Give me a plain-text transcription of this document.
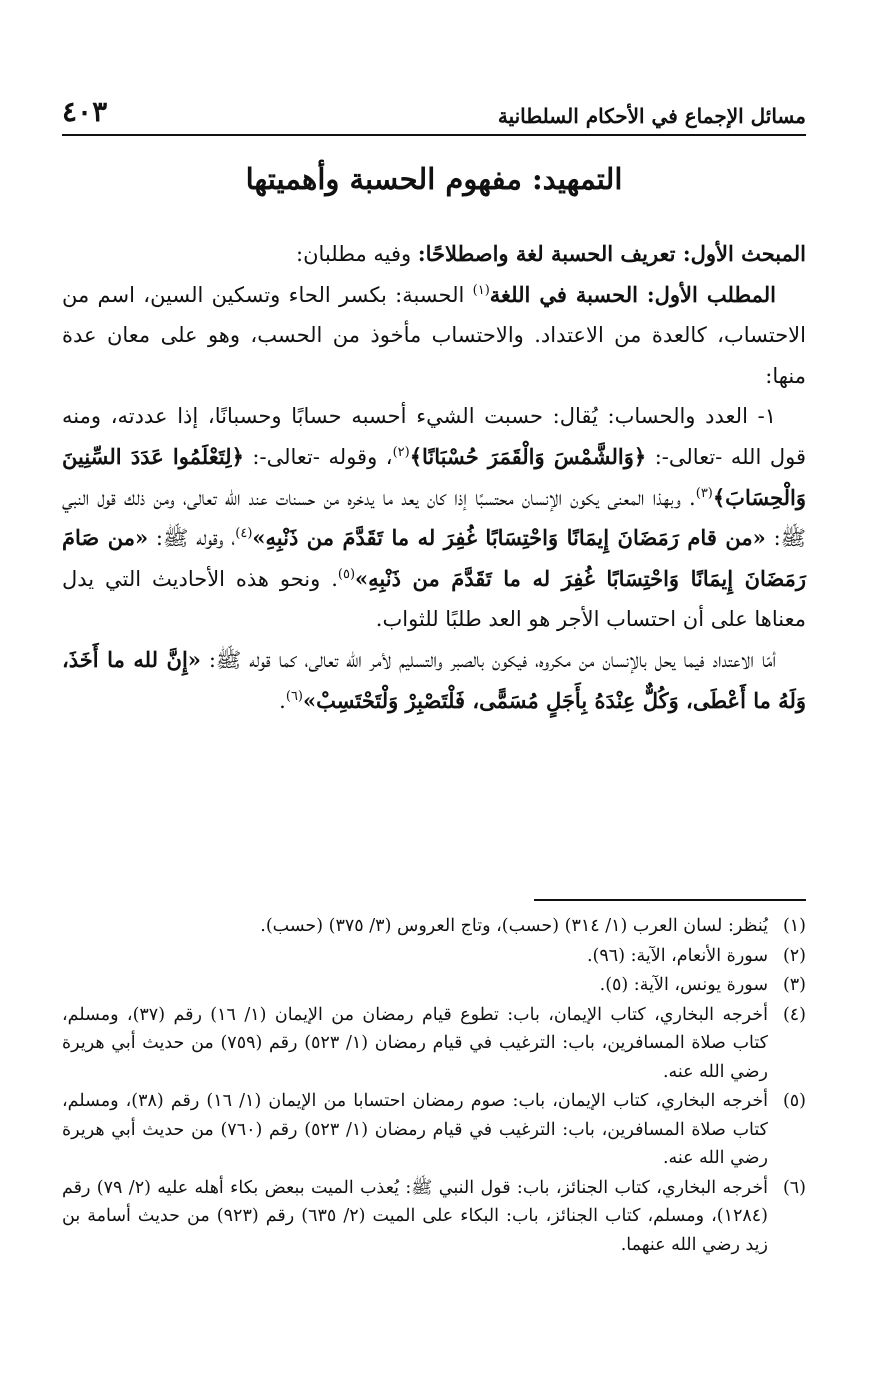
مسائل الإجماع في الأحكام السلطانية
٤٠٣
التمهيد: مفهوم الحسبة وأهميتها

المبحث الأول: تعريف الحسبة لغة واصطلاحًا: وفيه مطلبان:

المطلب الأول: الحسبة في اللغة$^{(١)}$ الحسبة: بكسر الحاء وتسكين السين، اسم من الاحتساب، كالعدة من الاعتداد. والاحتساب مأخوذ من الحسب، وهو على معان عدة منها:

١- العدد والحساب: يُقال: حسبت الشيء أحسبه حسابًا وحسبانًا، إذا عددته، ومنه قول الله -تعالى-: ﴿وَالشَّمْسَ وَالْقَمَرَ حُسْبَانًا﴾$^{(٢)}$، وقوله -تعالى-: ﴿لِتَعْلَمُوا عَدَدَ السِّنِينَ وَالْحِسَابَ﴾$^{(٣)}$. وبهذا المعنى يكون الإنسان محتسبًا إذا كان يعد ما يدخره من حسنات عند الله تعالى، ومن ذلك قول النبي ﷺ: «من قام رَمَضَانَ إِيمَانًا وَاحْتِسَابًا غُفِرَ له ما تَقَدَّمَ من ذَنْبِهِ»$^{(٤)}$، وقوله ﷺ: «من صَامَ رَمَضَانَ إِيمَانًا وَاحْتِسَابًا غُفِرَ له ما تَقَدَّمَ من ذَنْبِهِ»$^{(٥)}$. ونحو هذه الأحاديث التي يدل معناها على أن احتساب الأجر هو العد طلبًا للثواب.

أمّا الاعتداد فيما يحل بالإنسان من مكروه، فيكون بالصبر والتسليم لأمر الله تعالى، كما قوله ﷺ: «إِنَّ لله ما أَخَذَ، وَلَهُ ما أَعْطَى، وَكُلٌّ عِنْدَهُ بِأَجَلٍ مُسَمًّى، فَلْتَصْبِرْ وَلْتَحْتَسِبْ»$^{(٦)}$.

(١)
يُنظر: لسان العرب (١/ ٣١٤) (حسب)، وتاج العروس (٣/ ٣٧٥) (حسب).
(٢)
سورة الأنعام، الآية: (٩٦).
(٣)
سورة يونس، الآية: (٥).
(٤)
أخرجه البخاري، كتاب الإيمان، باب: تطوع قيام رمضان من الإيمان (١/ ١٦) رقم (٣٧)، ومسلم، كتاب صلاة المسافرين، باب: الترغيب في قيام رمضان (١/ ٥٢٣) رقم (٧٥٩) من حديث أبي هريرة رضي الله عنه.
(٥)
أخرجه البخاري، كتاب الإيمان، باب: صوم رمضان احتسابا من الإيمان (١/ ١٦) رقم (٣٨)، ومسلم، كتاب صلاة المسافرين، باب: الترغيب في قيام رمضان (١/ ٥٢٣) رقم (٧٦٠) من حديث أبي هريرة رضي الله عنه.
(٦)
أخرجه البخاري، كتاب الجنائز، باب: قول النبي ﷺ: يُعذب الميت ببعض بكاء أهله عليه (٢/ ٧٩) رقم (١٢٨٤)، ومسلم، كتاب الجنائز، باب: البكاء على الميت (٢/ ٦٣٥) رقم (٩٢٣) من حديث أسامة بن زيد رضي الله عنهما.
